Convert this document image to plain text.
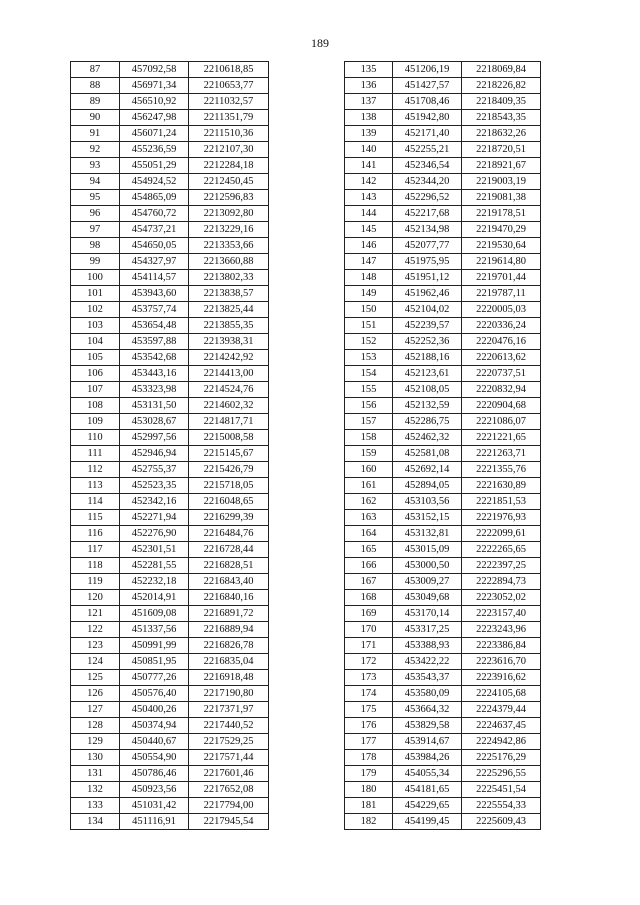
189
87	457092,58	2210618,85
88	456971,34	2210653,77
89	456510,92	2211032,57
90	456247,98	2211351,79
91	456071,24	2211510,36
92	455236,59	2212107,30
93	455051,29	2212284,18
94	454924,52	2212450,45
95	454865,09	2212596,83
96	454760,72	2213092,80
97	454737,21	2213229,16
98	454650,05	2213353,66
99	454327,97	2213660,88
100	454114,57	2213802,33
101	453943,60	2213838,57
102	453757,74	2213825,44
103	453654,48	2213855,35
104	453597,88	2213938,31
105	453542,68	2214242,92
106	453443,16	2214413,00
107	453323,98	2214524,76
108	453131,50	2214602,32
109	453028,67	2214817,71
110	452997,56	2215008,58
111	452946,94	2215145,67
112	452755,37	2215426,79
113	452523,35	2215718,05
114	452342,16	2216048,65
115	452271,94	2216299,39
116	452276,90	2216484,76
117	452301,51	2216728,44
118	452281,55	2216828,51
119	452232,18	2216843,40
120	452014,91	2216840,16
121	451609,08	2216891,72
122	451337,56	2216889,94
123	450991,99	2216826,78
124	450851,95	2216835,04
125	450777,26	2216918,48
126	450576,40	2217190,80
127	450400,26	2217371,97
128	450374,94	2217440,52
129	450440,67	2217529,25
130	450554,90	2217571,44
131	450786,46	2217601,46
132	450923,56	2217652,08
133	451031,42	2217794,00
134	451116,91	2217945,54
135	451206,19	2218069,84
136	451427,57	2218226,82
137	451708,46	2218409,35
138	451942,80	2218543,35
139	452171,40	2218632,26
140	452255,21	2218720,51
141	452346,54	2218921,67
142	452344,20	2219003,19
143	452296,52	2219081,38
144	452217,68	2219178,51
145	452134,98	2219470,29
146	452077,77	2219530,64
147	451975,95	2219614,80
148	451951,12	2219701,44
149	451962,46	2219787,11
150	452104,02	2220005,03
151	452239,57	2220336,24
152	452252,36	2220476,16
153	452188,16	2220613,62
154	452123,61	2220737,51
155	452108,05	2220832,94
156	452132,59	2220904,68
157	452286,75	2221086,07
158	452462,32	2221221,65
159	452581,08	2221263,71
160	452692,14	2221355,76
161	452894,05	2221630,89
162	453103,56	2221851,53
163	453152,15	2221976,93
164	453132,81	2222099,61
165	453015,09	2222265,65
166	453000,50	2222397,25
167	453009,27	2222894,73
168	453049,68	2223052,02
169	453170,14	2223157,40
170	453317,25	2223243,96
171	453388,93	2223386,84
172	453422,22	2223616,70
173	453543,37	2223916,62
174	453580,09	2224105,68
175	453664,32	2224379,44
176	453829,58	2224637,45
177	453914,67	2224942,86
178	453984,26	2225176,29
179	454055,34	2225296,55
180	454181,65	2225451,54
181	454229,65	2225554,33
182	454199,45	2225609,43
